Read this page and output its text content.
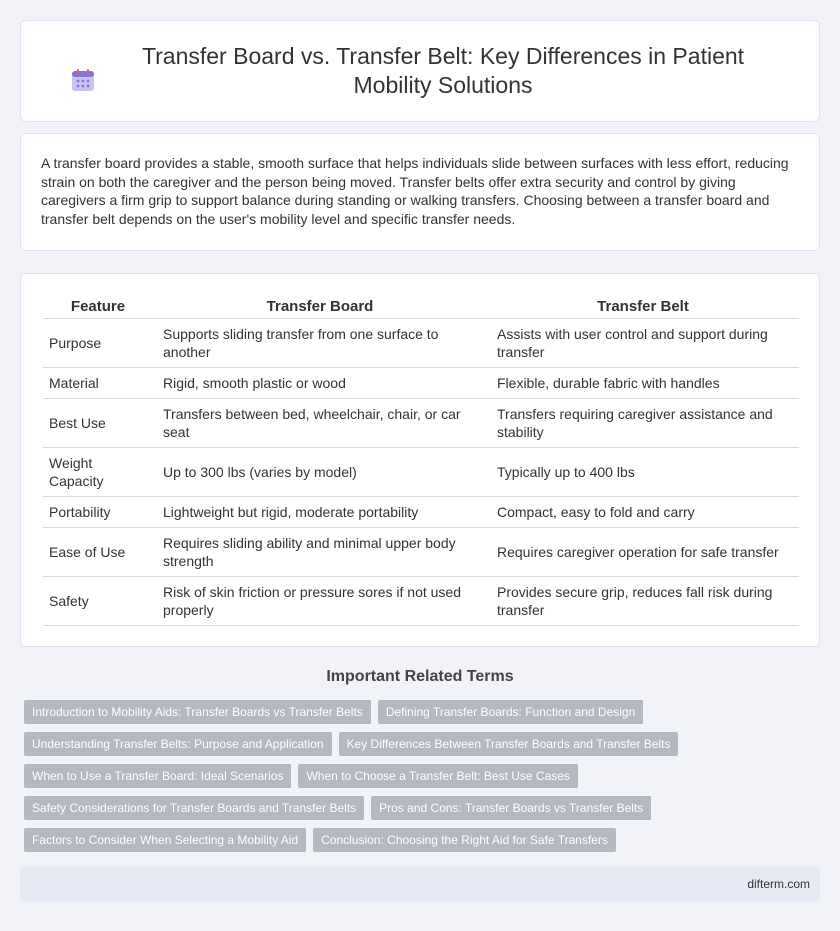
Transfer Board vs. Transfer Belt: Key Differences in Patient Mobility Solutions

A transfer board provides a stable, smooth surface that helps individuals slide between surfaces with less effort, reducing strain on both the caregiver and the person being moved. Transfer belts offer extra security and control by giving caregivers a firm grip to support balance during standing or walking transfers. Choosing between a transfer board and transfer belt depends on the user's mobility level and specific transfer needs.

Feature	Transfer Board	Transfer Belt
Purpose	Supports sliding transfer from one surface to another	Assists with user control and support during transfer
Material	Rigid, smooth plastic or wood	Flexible, durable fabric with handles
Best Use	Transfers between bed, wheelchair, chair, or car seat	Transfers requiring caregiver assistance and stability
Weight Capacity	Up to 300 lbs (varies by model)	Typically up to 400 lbs
Portability	Lightweight but rigid, moderate portability	Compact, easy to fold and carry
Ease of Use	Requires sliding ability and minimal upper body strength	Requires caregiver operation for safe transfer
Safety	Risk of skin friction or pressure sores if not used properly	Provides secure grip, reduces fall risk during transfer
Important Related Terms
Introduction to Mobility Aids: Transfer Boards vs Transfer Belts	Defining Transfer Boards: Function and Design
Understanding Transfer Belts: Purpose and Application	Key Differences Between Transfer Boards and Transfer Belts
When to Use a Transfer Board: Ideal Scenarios	When to Choose a Transfer Belt: Best Use Cases
Safety Considerations for Transfer Boards and Transfer Belts	Pros and Cons: Transfer Boards vs Transfer Belts
Factors to Consider When Selecting a Mobility Aid	Conclusion: Choosing the Right Aid for Safe Transfers
difterm.com
